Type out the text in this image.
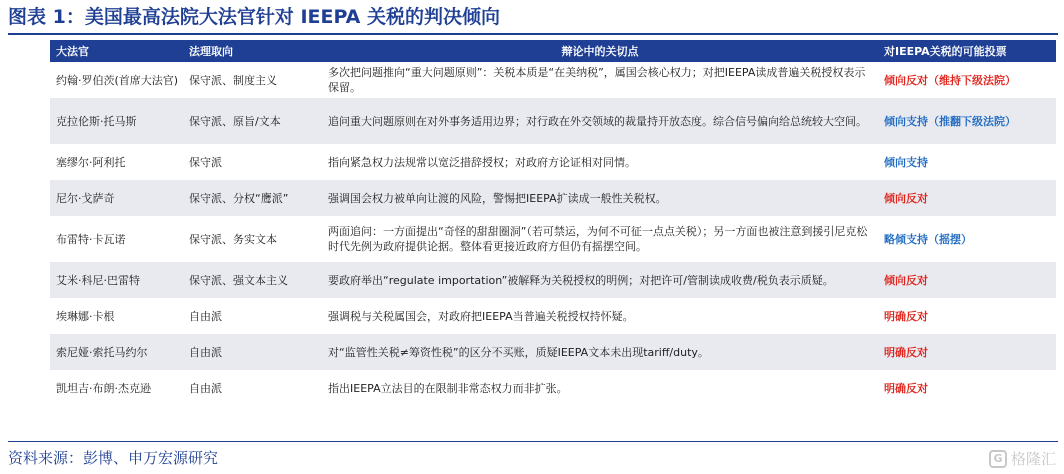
图表 1：美国最高法院大法官针对 IEEPA 关税的判决倾向
大法官	法理取向	辩论中的关切点	对IEEPA关税的可能投票
约翰·罗伯茨(首席大法官)	保守派、制度主义	多次把问题推向“重大问题原则”：关税本质是“在美纳税”，属国会核心权力；对把IEEPA读成普遍关税授权表示保留。	倾向反对（维持下级法院）
克拉伦斯·托马斯	保守派、原旨/文本	追问重大问题原则在对外事务适用边界；对行政在外交领域的裁量持开放态度。综合信号偏向给总统较大空间。	倾向支持（推翻下级法院）
塞缪尔·阿利托	保守派	指向紧急权力法规常以宽泛措辞授权；对政府方论证相对同情。	倾向支持
尼尔·戈萨奇	保守派、分权“鹰派”	强调国会权力被单向让渡的风险，警惕把IEEPA扩读成一般性关税权。	倾向反对
布雷特·卡瓦诺	保守派、务实文本	两面追问：一方面提出“奇怪的甜甜圈洞”（若可禁运，为何不可征一点点关税）；另一方面也被注意到援引尼克松时代先例为政府提供论据。整体看更接近政府方但仍有摇摆空间。	略倾支持（摇摆）
艾米·科尼·巴雷特	保守派、强文本主义	要政府举出“regulate importation”被解释为关税授权的明例；对把许可/管制读成收费/税负表示质疑。	倾向反对
埃琳娜·卡根	自由派	强调税与关税属国会，对政府把IEEPA当普遍关税授权持怀疑。	明确反对
索尼娅·索托马约尔	自由派	对“监管性关税≠筹资性税”的区分不买账，质疑IEEPA文本未出现tariff/duty。	明确反对
凯坦吉·布朗·杰克逊	自由派	指出IEEPA立法目的在限制非常态权力而非扩张。	明确反对
资料来源：彭博、申万宏源研究	G 格隆汇
